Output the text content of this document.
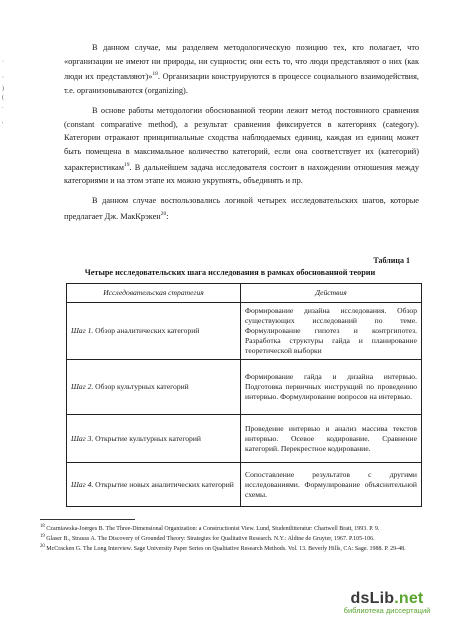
·

`
)
(
.

'

В данном случае, мы разделяем методологическую позицию тех, кто полагает, что «организации не имеют ни природы, ни сущности; они есть то, что люди представляют о них (как люди их представляют)»$^{18}$. Организации конструируются в процессе социального взаимодействия, т.е. организовываются (organizing).

В основе работы методологии обоснованной теории лежит метод постоянного сравнения (constant comparative method), а результат сравнения фиксируется в категориях (category). Категории отражают принципиальные сходства наблюдаемых единиц, каждая из единиц может быть помещена в максимальное количество категорий, если она соответствует их (категорий) характеристикам$^{19}$. В дальнейшем задача исследователя состоит в нахождении отношения между категориями и на этом этапе их можно укрупнять, объединять и пр.

В данном случае воспользовались логикой четырех исследовательских шагов, которые предлагает Дж. МакКрэкен$^{20}$:

Таблица 1
Четыре исследовательских шага исследования в рамках обоснованной теории
Исследовательская стратегия	Действия
Шаг 1. Обзор аналитических категорий	Формирование дизайна исследования. Обзор существующих исследований по теме. Формулирование гипотез и контргипотез. Разработка структуры гайда и планирование теоретической выборки
Шаг 2. Обзор культурных категорий	Формирование гайда и дизайна интервью. Подготовка первичных инструкций по проведению интервью. Формулирование вопросов на интервью.
Шаг 3. Открытие культурных категорий	Проведение интервью и анализ массива текстов интервью. Осевое кодирование. Сравнение категорий. Перекрестное кодирование.
Шаг 4. Открытие новых аналитических категорий	Сопоставление результатов с другими исследованиями. Формулирование объяснительной схемы.

$^{18}$ Czarniawska-Joerges B. The Three-Dimensional Organization: a Constructionist View. Lund, Studentlitteratur: Chartwell Bratt, 1993. P. 9.

$^{19}$ Glaser B., Strauss A. The Discovery of Grounded Theory: Strategies for Qualitative Research. N.Y.: Aldine de Gruyter, 1967. P.105-106.

$^{20}$ McCracken G. The Long Interview. Sage University Paper Series on Qualitative Research Methods. Vol. 13. Beverly Hills, CA: Sage. 1988. P. 29-48.

dsLib.net
библиотека диссертаций
